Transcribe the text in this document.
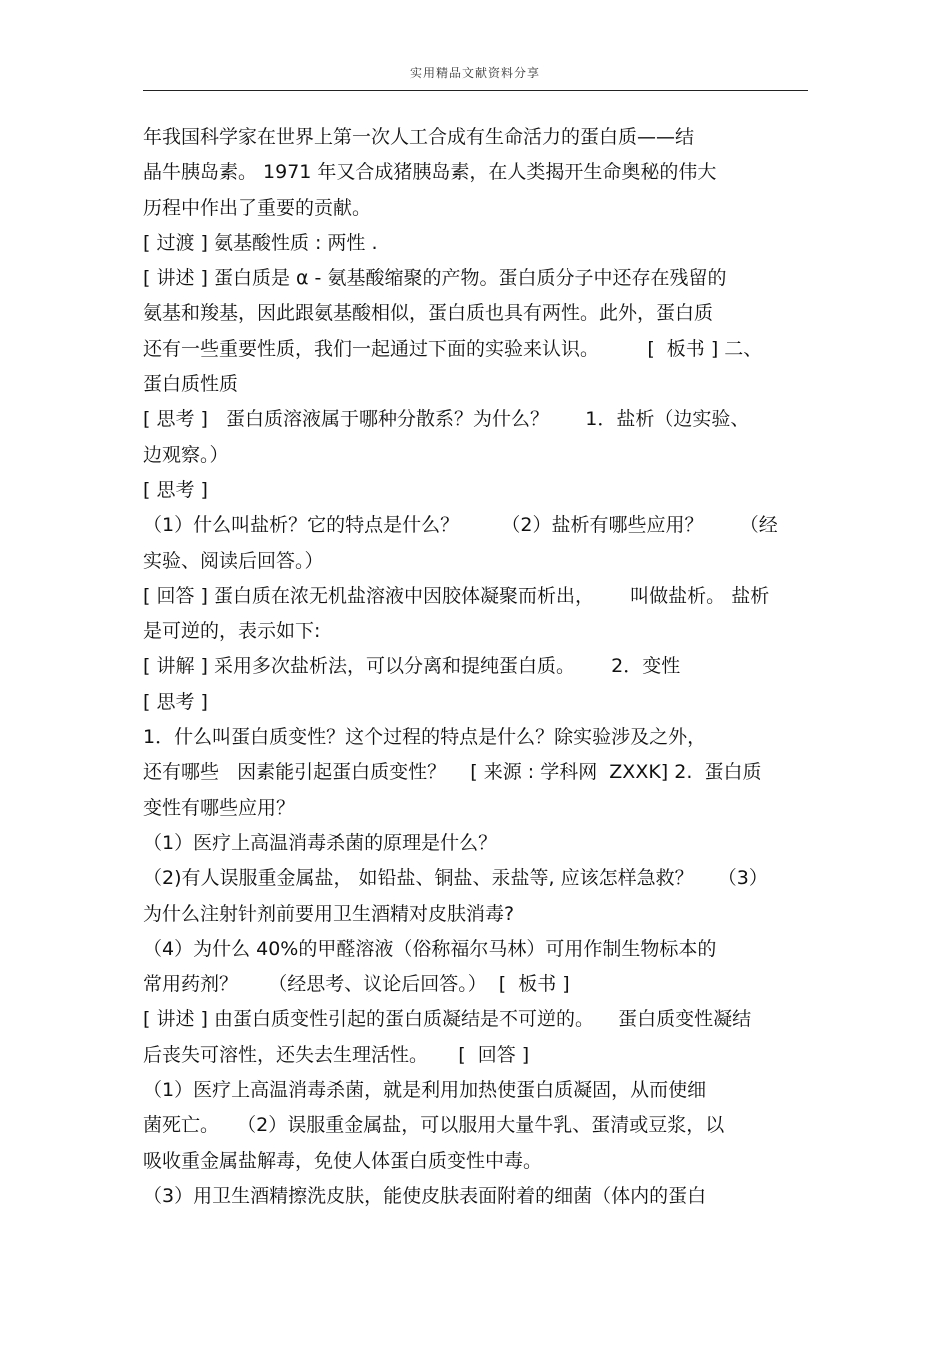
实用精品文献资料分享
年我国科学家在世界上第一次人工合成有生命活力的蛋白质——结
晶牛胰岛素。 1971 年又合成猪胰岛素，在人类揭开生命奥秘的伟大
历程中作出了重要的贡献。
[ 过渡 ] 氨基酸性质 : 两性 .
[ 讲述 ] 蛋白质是 α - 氨基酸缩聚的产物。蛋白质分子中还存在残留的
氨基和羧基，因此跟氨基酸相似，蛋白质也具有两性。此外，蛋白质
还有一些重要性质，我们一起通过下面的实验来认识。        [  板书 ] 二、
蛋白质性质
[ 思考 ]   蛋白质溶液属于哪种分散系？为什么？      1．盐析（边实验、
边观察。）
[ 思考 ]
（1）什么叫盐析？它的特点是什么？       （2）盐析有哪些应用？      （经
实验、阅读后回答。）
[ 回答 ] 蛋白质在浓无机盐溶液中因胶体凝聚而析出，      叫做盐析。 盐析
是可逆的，表示如下:
[ 讲解 ] 采用多次盐析法，可以分离和提纯蛋白质。      2．变性
[ 思考 ]
1．什么叫蛋白质变性？这个过程的特点是什么？除实验涉及之外，
还有哪些   因素能引起蛋白质变性？    [ 来源 : 学科网  ZXXK] 2.  蛋白质
变性有哪些应用？
（1）医疗上高温消毒杀菌的原理是什么？
（2)有人误服重金属盐， 如铅盐、铜盐、汞盐等, 应该怎样急救？    （3）
为什么注射针剂前要用卫生酒精对皮肤消毒?
（4）为什么 40%的甲醛溶液（俗称福尔马林）可用作制生物标本的
常用药剂？     （经思考、议论后回答。）  [  板书 ]
[ 讲述 ] 由蛋白质变性引起的蛋白质凝结是不可逆的。    蛋白质变性凝结
后丧失可溶性，还失去生理活性。     [  回答 ]
（1）医疗上高温消毒杀菌，就是利用加热使蛋白质凝固，从而使细
菌死亡。   （2）误服重金属盐，可以服用大量牛乳、蛋清或豆浆，以
吸收重金属盐解毒，免使人体蛋白质变性中毒。
（3）用卫生酒精擦洗皮肤，能使皮肤表面附着的细菌（体内的蛋白
